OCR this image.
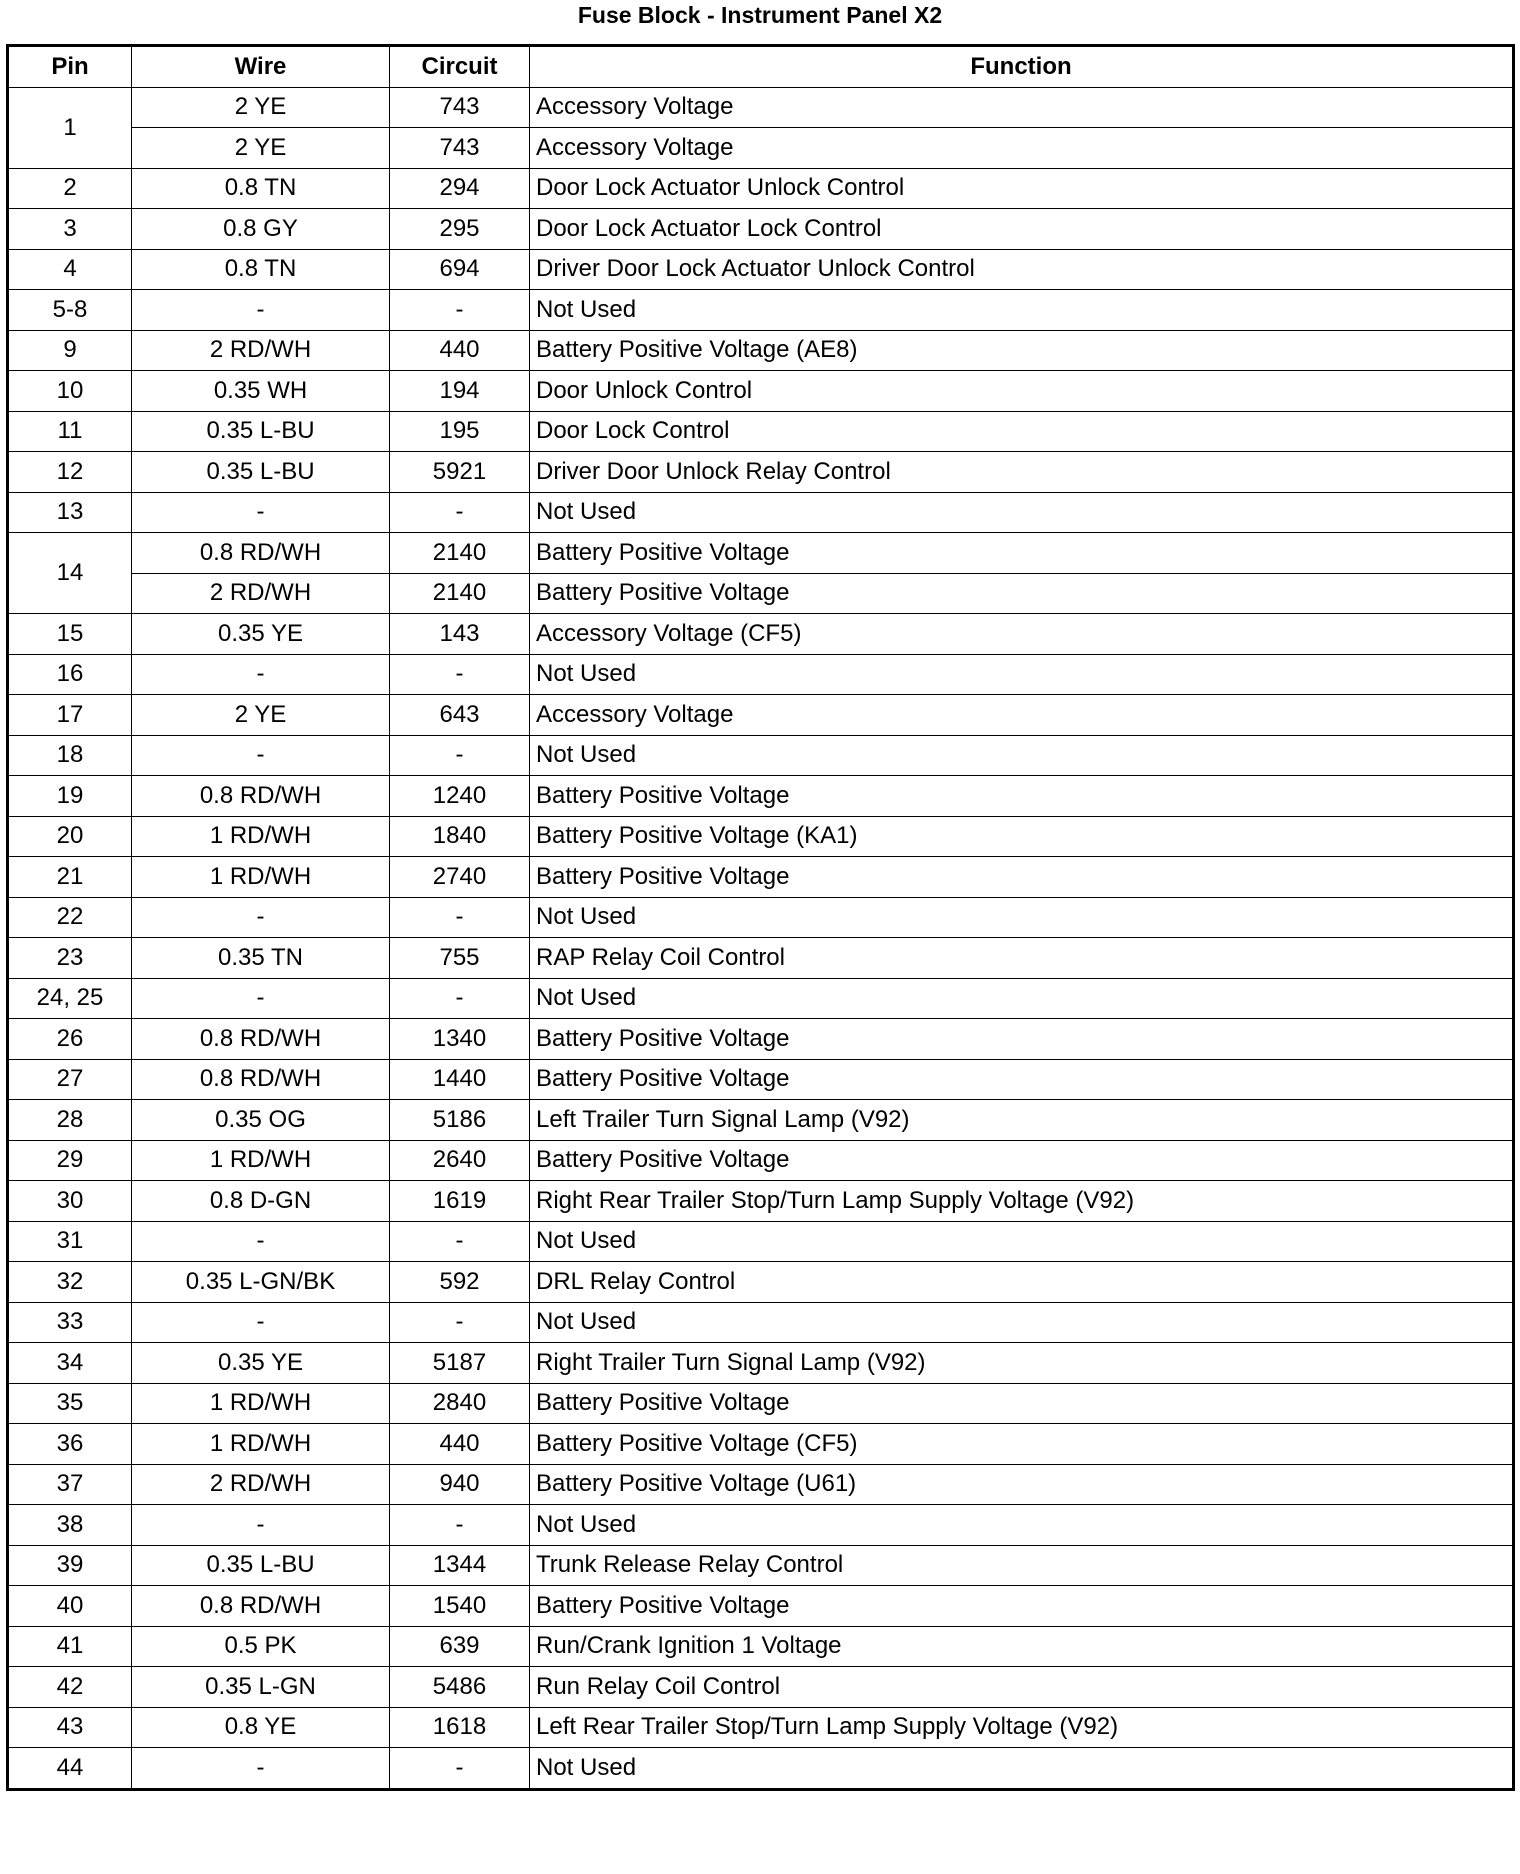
Fuse Block - Instrument Panel X2
Pin	Wire	Circuit	Function
1	2 YE	743	Accessory Voltage
	2 YE	743	Accessory Voltage
2	0.8 TN	294	Door Lock Actuator Unlock Control
3	0.8 GY	295	Door Lock Actuator Lock Control
4	0.8 TN	694	Driver Door Lock Actuator Unlock Control
5-8	-	-	Not Used
9	2 RD/WH	440	Battery Positive Voltage (AE8)
10	0.35 WH	194	Door Unlock Control
11	0.35 L-BU	195	Door Lock Control
12	0.35 L-BU	5921	Driver Door Unlock Relay Control
13	-	-	Not Used
14	0.8 RD/WH	2140	Battery Positive Voltage
	2 RD/WH	2140	Battery Positive Voltage
15	0.35 YE	143	Accessory Voltage (CF5)
16	-	-	Not Used
17	2 YE	643	Accessory Voltage
18	-	-	Not Used
19	0.8 RD/WH	1240	Battery Positive Voltage
20	1 RD/WH	1840	Battery Positive Voltage (KA1)
21	1 RD/WH	2740	Battery Positive Voltage
22	-	-	Not Used
23	0.35 TN	755	RAP Relay Coil Control
24, 25	-	-	Not Used
26	0.8 RD/WH	1340	Battery Positive Voltage
27	0.8 RD/WH	1440	Battery Positive Voltage
28	0.35 OG	5186	Left Trailer Turn Signal Lamp (V92)
29	1 RD/WH	2640	Battery Positive Voltage
30	0.8 D-GN	1619	Right Rear Trailer Stop/Turn Lamp Supply Voltage (V92)
31	-	-	Not Used
32	0.35 L-GN/BK	592	DRL Relay Control
33	-	-	Not Used
34	0.35 YE	5187	Right Trailer Turn Signal Lamp (V92)
35	1 RD/WH	2840	Battery Positive Voltage
36	1 RD/WH	440	Battery Positive Voltage (CF5)
37	2 RD/WH	940	Battery Positive Voltage (U61)
38	-	-	Not Used
39	0.35 L-BU	1344	Trunk Release Relay Control
40	0.8 RD/WH	1540	Battery Positive Voltage
41	0.5 PK	639	Run/Crank Ignition 1 Voltage
42	0.35 L-GN	5486	Run Relay Coil Control
43	0.8 YE	1618	Left Rear Trailer Stop/Turn Lamp Supply Voltage (V92)
44	-	-	Not Used
